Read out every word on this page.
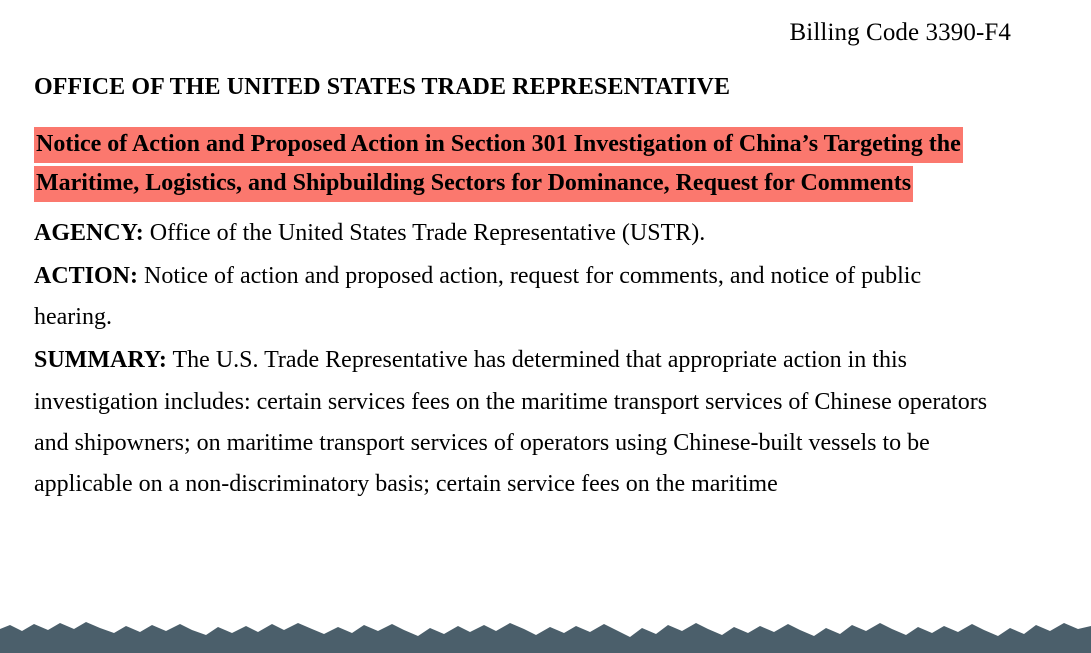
Billing Code 3390-F4
OFFICE OF THE UNITED STATES TRADE REPRESENTATIVE
Notice of Action and Proposed Action in Section 301 Investigation of China’s Targeting the
Maritime, Logistics, and Shipbuilding Sectors for Dominance, Request for Comments

AGENCY: Office of the United States Trade Representative (USTR).

ACTION: Notice of action and proposed action, request for comments, and notice of public hearing.

SUMMARY: The U.S. Trade Representative has determined that appropriate action in this investigation includes: certain services fees on the maritime transport services of Chinese operators and shipowners; on maritime transport services of operators using Chinese-built vessels to be applicable on a non-discriminatory basis; certain service fees on the maritime
